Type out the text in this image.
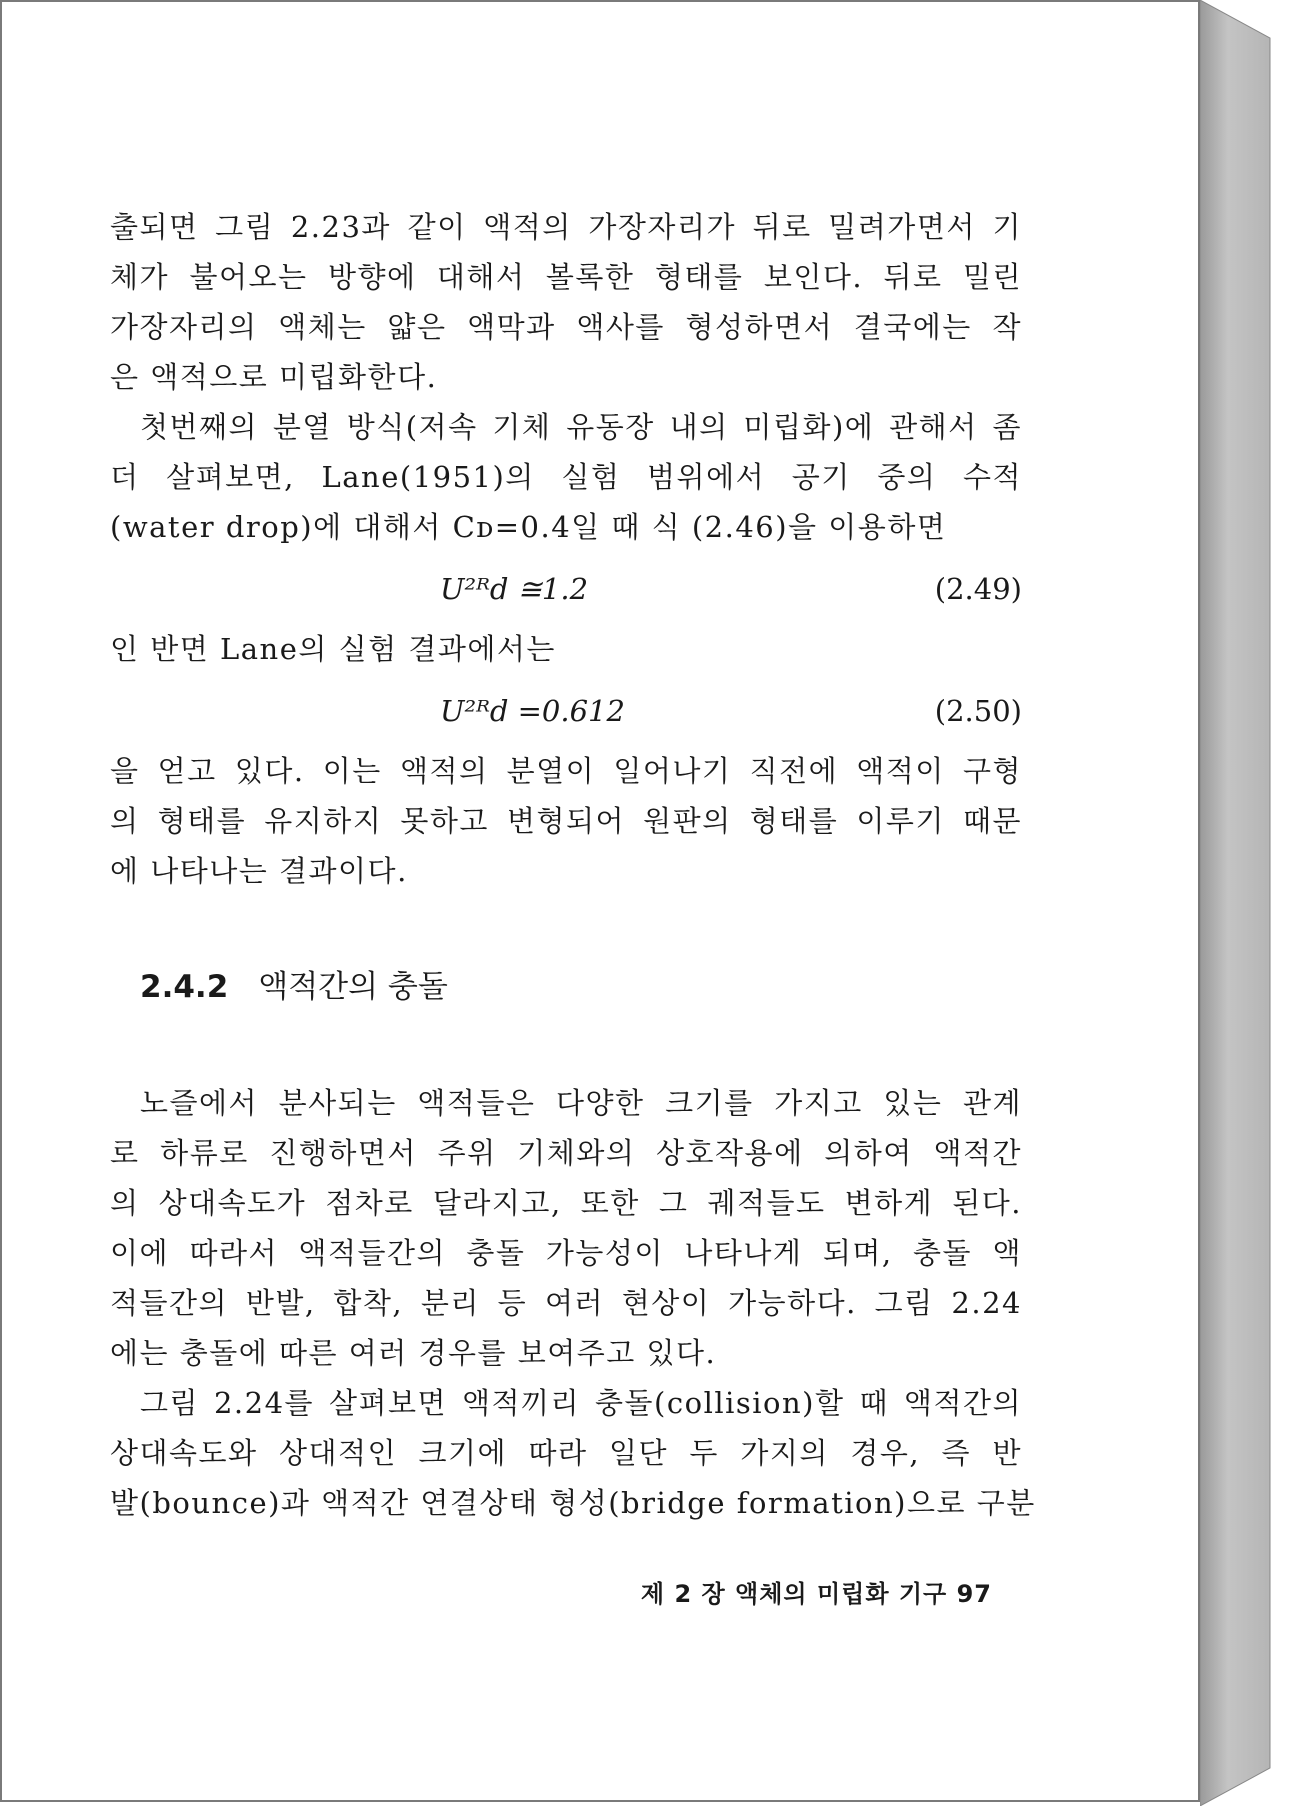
출되면 그림 2.23과 같이 액적의 가장자리가 뒤로 밀려가면서 기
체가 불어오는 방향에 대해서 볼록한 형태를 보인다. 뒤로 밀린
가장자리의 액체는 얇은 액막과 액사를 형성하면서 결국에는 작
은 액적으로 미립화한다.
첫번째의 분열 방식(저속 기체 유동장 내의 미립화)에 관해서 좀
더 살펴보면, Lane(1951)의 실험 범위에서 공기 중의 수적
(water drop)에 대해서 Cᴅ=0.4일 때 식 (2.46)을 이용하면
U²ᴿd ≅1.2	(2.49)
인 반면 Lane의 실험 결과에서는
U²ᴿd =0.612	(2.50)
을 얻고 있다. 이는 액적의 분열이 일어나기 직전에 액적이 구형
의 형태를 유지하지 못하고 변형되어 원판의 형태를 이루기 때문
에 나타나는 결과이다.
2.4.2 액적간의 충돌
노즐에서 분사되는 액적들은 다양한 크기를 가지고 있는 관계
로 하류로 진행하면서 주위 기체와의 상호작용에 의하여 액적간
의 상대속도가 점차로 달라지고, 또한 그 궤적들도 변하게 된다.
이에 따라서 액적들간의 충돌 가능성이 나타나게 되며, 충돌 액
적들간의 반발, 합착, 분리 등 여러 현상이 가능하다. 그림 2.24
에는 충돌에 따른 여러 경우를 보여주고 있다.
그림 2.24를 살펴보면 액적끼리 충돌(collision)할 때 액적간의
상대속도와 상대적인 크기에 따라 일단 두 가지의 경우, 즉 반
발(bounce)과 액적간 연결상태 형성(bridge formation)으로 구분
제 2 장 액체의 미립화 기구 97
